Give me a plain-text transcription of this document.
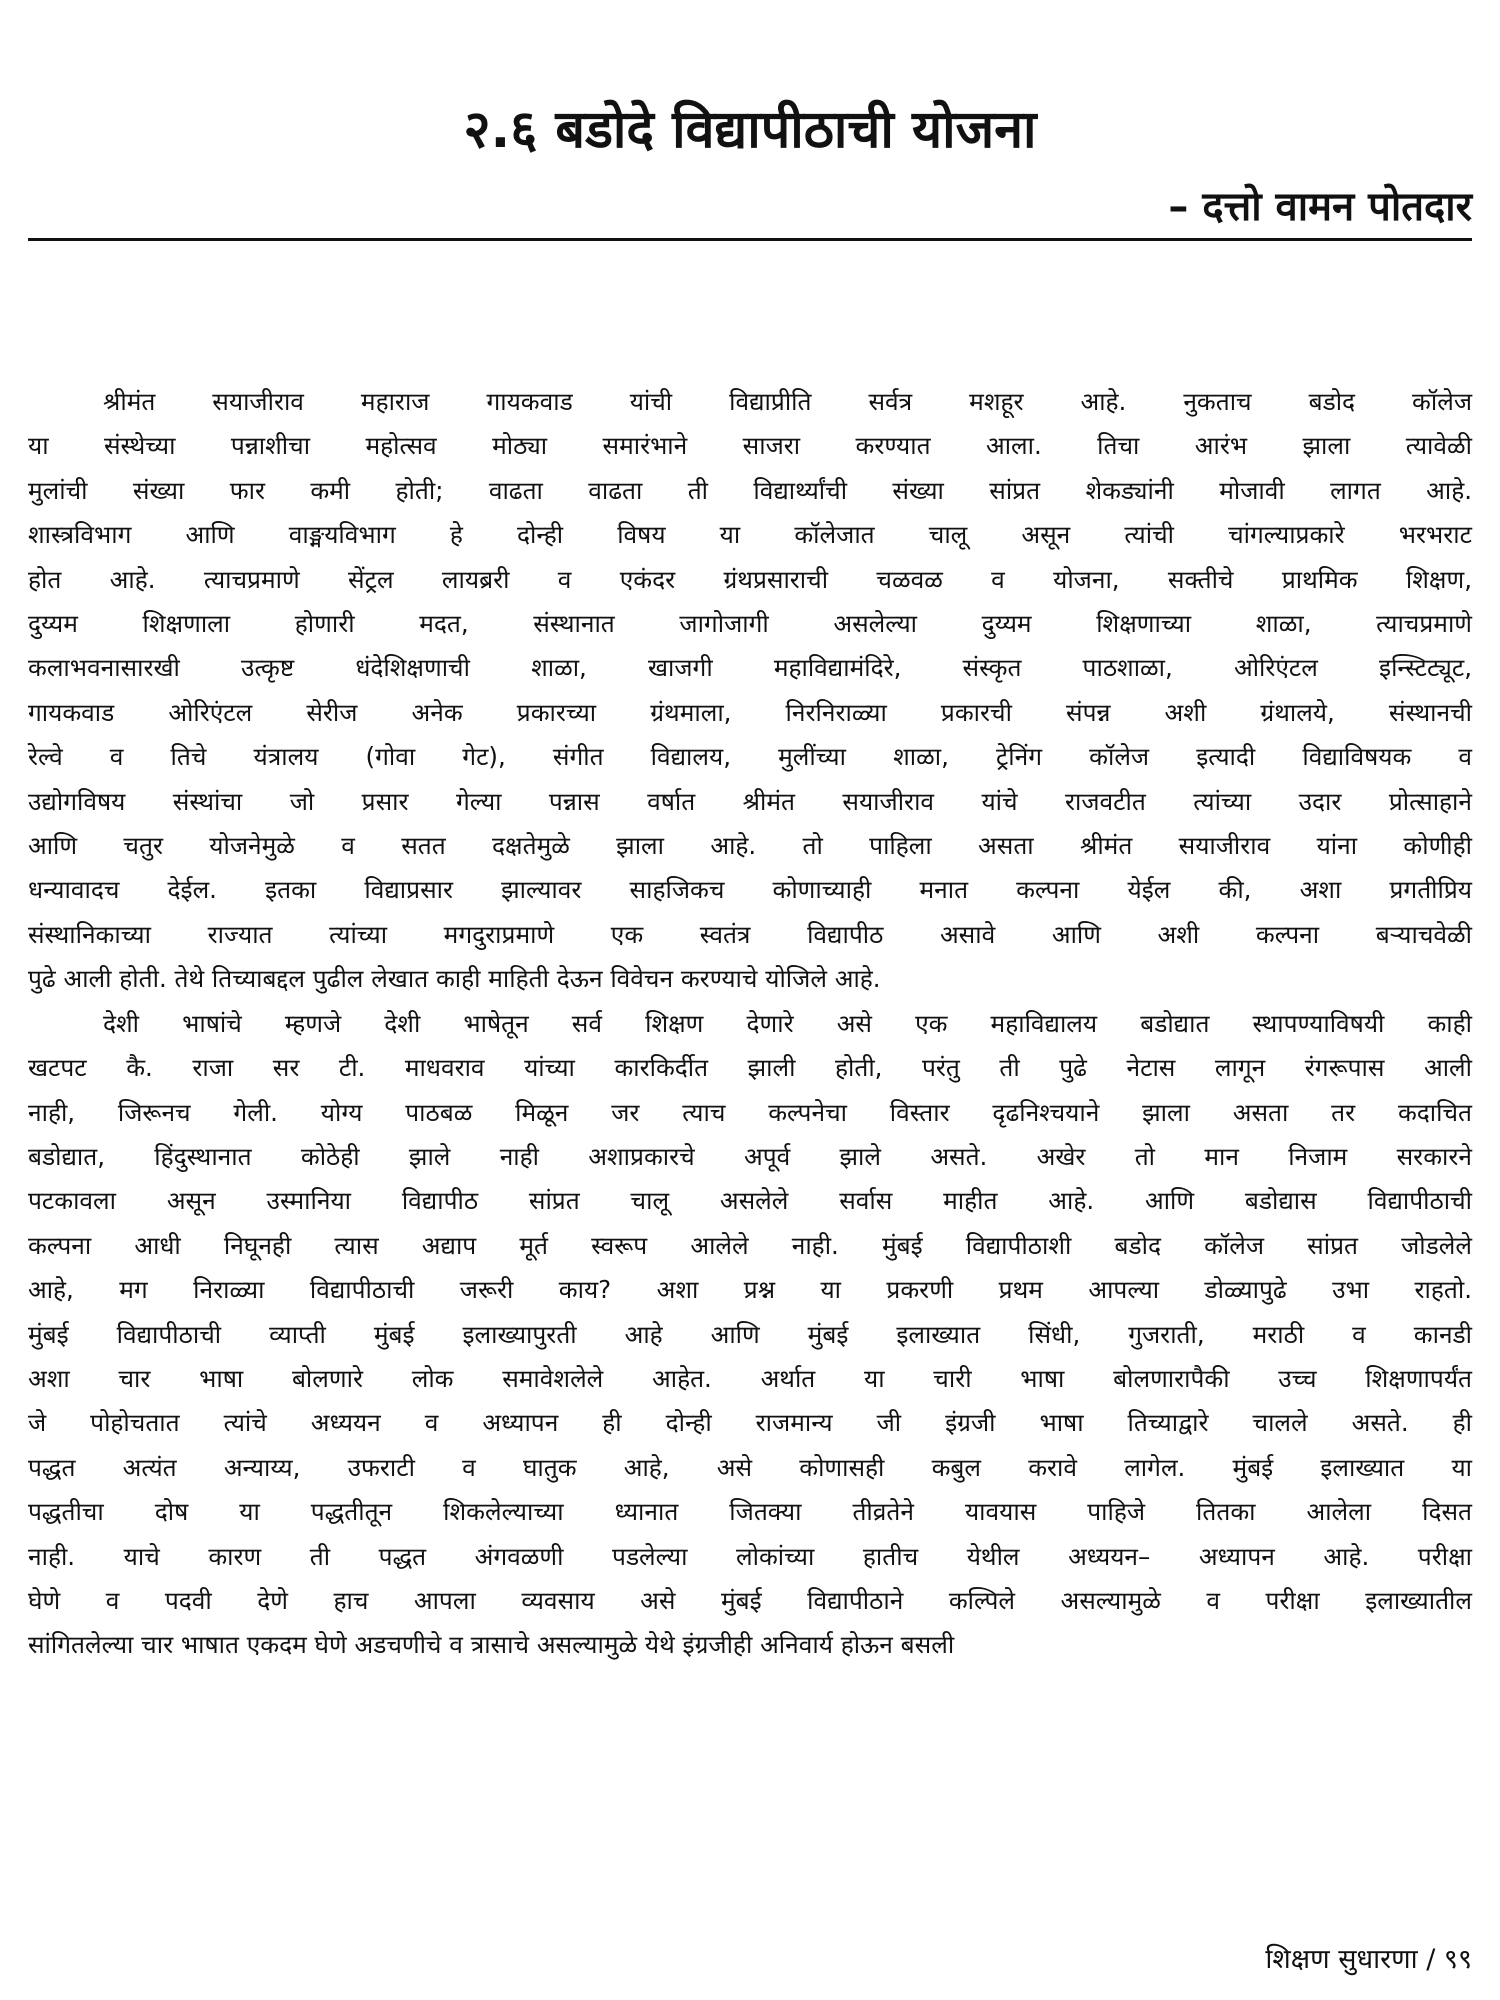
२.६ बडोदे विद्यापीठाची योजना

– दत्तो वामन पोतदार

श्रीमंत सयाजीराव महाराज गायकवाड यांची विद्याप्रीति सर्वत्र मशहूर आहे. नुकताच बडोद कॉलेज
या संस्थेच्या पन्नाशीचा महोत्सव मोठ्या समारंभाने साजरा करण्यात आला. तिचा आरंभ झाला त्यावेळी
मुलांची संख्या फार कमी होती; वाढता वाढता ती विद्यार्थ्यांची संख्या सांप्रत शेकड्यांनी मोजावी लागत आहे.
शास्त्रविभाग आणि वाङ्मयविभाग हे दोन्ही विषय या कॉलेजात चालू असून त्यांची चांगल्याप्रकारे भरभराट
होत आहे. त्याचप्रमाणे सेंट्रल लायब्ररी व एकंदर ग्रंथप्रसाराची चळवळ व योजना, सक्तीचे प्राथमिक शिक्षण,
दुय्यम शिक्षणाला होणारी मदत, संस्थानात जागोजागी असलेल्या दुय्यम शिक्षणाच्या शाळा, त्याचप्रमाणे
कलाभवनासारखी उत्कृष्ट धंदेशिक्षणाची शाळा, खाजगी महाविद्यामंदिरे, संस्कृत पाठशाळा, ओरिएंटल इन्स्टिट्यूट,
गायकवाड ओरिएंटल सेरीज अनेक प्रकारच्या ग्रंथमाला, निरनिराळ्या प्रकारची संपन्न अशी ग्रंथालये, संस्थानची
रेल्वे व तिचे यंत्रालय (गोवा गेट), संगीत विद्यालय, मुलींच्या शाळा, ट्रेनिंग कॉलेज इत्यादी विद्याविषयक व
उद्योगविषय संस्थांचा जो प्रसार गेल्या पन्नास वर्षात श्रीमंत सयाजीराव यांचे राजवटीत त्यांच्या उदार प्रोत्साहाने
आणि चतुर योजनेमुळे व सतत दक्षतेमुळे झाला आहे. तो पाहिला असता श्रीमंत सयाजीराव यांना कोणीही
धन्यावादच देईल. इतका विद्याप्रसार झाल्यावर साहजिकच कोणाच्याही मनात कल्पना येईल की, अशा प्रगतीप्रिय
संस्थानिकाच्या राज्यात त्यांच्या मगदुराप्रमाणे एक स्वतंत्र विद्यापीठ असावे आणि अशी कल्पना बऱ्याचवेळी
पुढे आली होती. तेथे तिच्याबद्दल पुढील लेखात काही माहिती देऊन विवेचन करण्याचे योजिले आहे.
देशी भाषांचे म्हणजे देशी भाषेतून सर्व शिक्षण देणारे असे एक महाविद्यालय बडोद्यात स्थापण्याविषयी काही
खटपट कै. राजा सर टी. माधवराव यांच्या कारकिर्दीत झाली होती, परंतु ती पुढे नेटास लागून रंगरूपास आली
नाही, जिरूनच गेली. योग्य पाठबळ मिळून जर त्याच कल्पनेचा विस्तार दृढनिश्चयाने झाला असता तर कदाचित
बडोद्यात, हिंदुस्थानात कोठेही झाले नाही अशाप्रकारचे अपूर्व झाले असते. अखेर तो मान निजाम सरकारने
पटकावला असून उस्मानिया विद्यापीठ सांप्रत चालू असलेले सर्वास माहीत आहे. आणि बडोद्यास विद्यापीठाची
कल्पना आधी निघूनही त्यास अद्याप मूर्त स्वरूप आलेले नाही. मुंबई विद्यापीठाशी बडोद कॉलेज सांप्रत जोडलेले
आहे, मग निराळ्या विद्यापीठाची जरूरी काय? अशा प्रश्न या प्रकरणी प्रथम आपल्या डोळ्यापुढे उभा राहतो.
मुंबई विद्यापीठाची व्याप्ती मुंबई इलाख्यापुरती आहे आणि मुंबई इलाख्यात सिंधी, गुजराती, मराठी व कानडी
अशा चार भाषा बोलणारे लोक समावेशलेले आहेत. अर्थात या चारी भाषा बोलणारापैकी उच्च शिक्षणापर्यंत
जे पोहोचतात त्यांचे अध्ययन व अध्यापन ही दोन्ही राजमान्य जी इंग्रजी भाषा तिच्याद्वारे चालले असते. ही
पद्धत अत्यंत अन्याय्य, उफराटी व घातुक आहे, असे कोणासही कबुल करावे लागेल. मुंबई इलाख्यात या
पद्धतीचा दोष या पद्धतीतून शिकलेल्याच्या ध्यानात जितक्या तीव्रतेने यावयास पाहिजे तितका आलेला दिसत
नाही. याचे कारण ती पद्धत अंगवळणी पडलेल्या लोकांच्या हातीच येथील अध्ययन– अध्यापन आहे. परीक्षा
घेणे व पदवी देणे हाच आपला व्यवसाय असे मुंबई विद्यापीठाने कल्पिले असल्यामुळे व परीक्षा इलाख्यातील
सांगितलेल्या चार भाषात एकदम घेणे अडचणीचे व त्रासाचे असल्यामुळे येथे इंग्रजीही अनिवार्य होऊन बसली

शिक्षण सुधारणा / ९९
